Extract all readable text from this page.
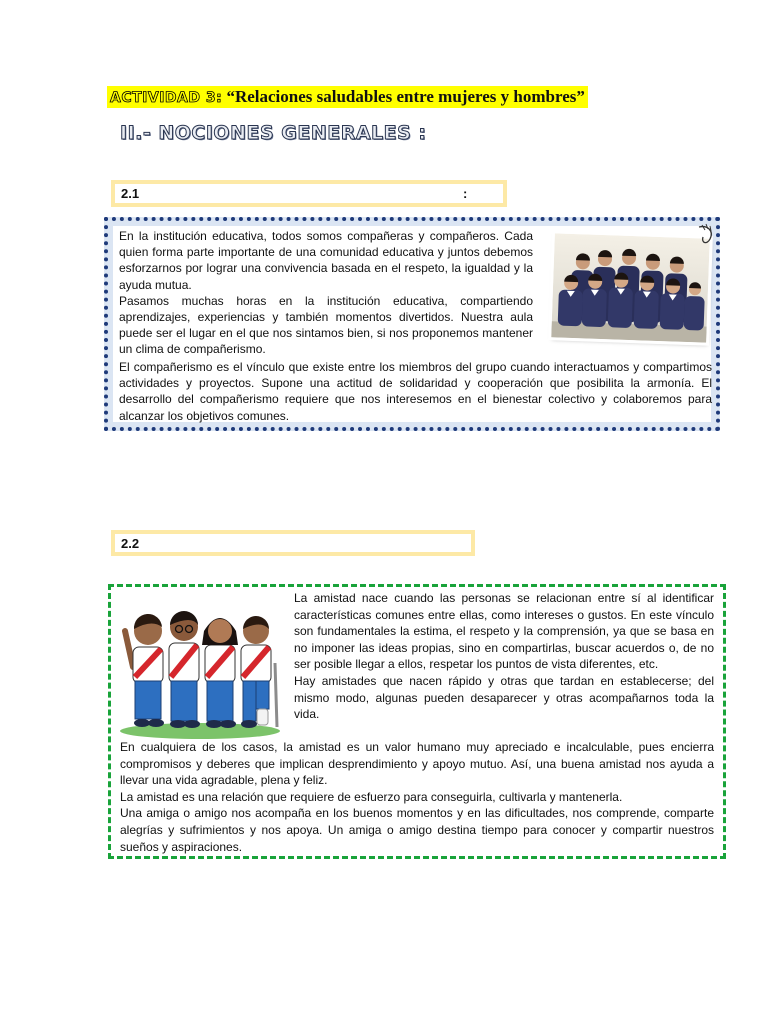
ACTIVIDAD 3: “Relaciones saludables entre mujeres y hombres”
II.- NOCIONES GENERALES :
2.1	:
En la institución educativa, todos somos compañeras y compañeros. Cada quien forma parte importante de una comunidad educativa y juntos debemos esforzarnos por lograr una convivencia basada en el respeto, la igualdad y la ayuda mutua.
Pasamos muchas horas en la institución educativa, compartiendo aprendizajes, experiencias y también momentos divertidos. Nuestra aula puede ser el lugar en el que nos sintamos bien, si nos proponemos mantener un clima de compañerismo.
El compañerismo es el vínculo que existe entre los miembros del grupo cuando interactuamos y compartimos actividades y proyectos. Supone una actitud de solidaridad y cooperación que posibilita la armonía. El desarrollo del compañerismo requiere que nos interesemos en el bienestar colectivo y colaboremos para alcanzar los objetivos comunes.
2.2
La amistad nace cuando las personas se relacionan entre sí al identificar características comunes entre ellas, como intereses o gustos. En este vínculo son fundamentales la estima, el respeto y la comprensión, ya que se basa en no imponer las ideas propias, sino en compartirlas, buscar acuerdos o, de no ser posible llegar a ellos, respetar los puntos de vista diferentes, etc.
Hay amistades que nacen rápido y otras que tardan en establecerse; del mismo modo, algunas pueden desaparecer y otras acompañarnos toda la vida.
En cualquiera de los casos, la amistad es un valor humano muy apreciado e incalculable, pues encierra compromisos y deberes que implican desprendimiento y apoyo mutuo. Así, una buena amistad nos ayuda a llevar una vida agradable, plena y feliz.
La amistad es una relación que requiere de esfuerzo para conseguirla, cultivarla y mantenerla.
Una amiga o amigo nos acompaña en los buenos momentos y en las dificultades, nos comprende, comparte alegrías y sufrimientos y nos apoya. Un amiga o amigo destina tiempo para conocer y compartir nuestros sueños y aspiraciones.
